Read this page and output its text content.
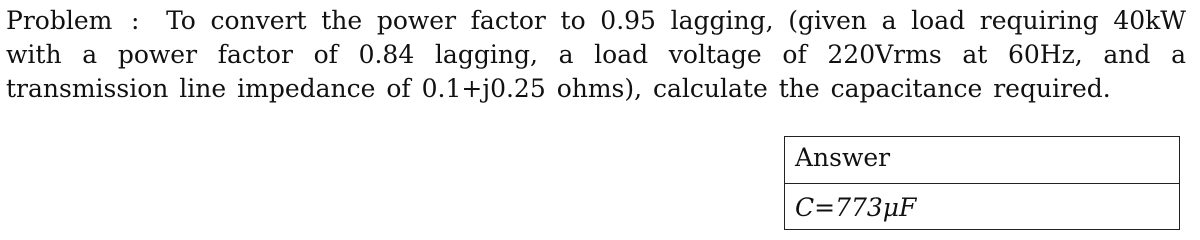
Problem : To convert the power factor to 0.95 lagging, (given a load requiring 40kW with a power factor of 0.84 lagging, a load voltage of 220Vrms at 60Hz, and a transmission line impedance of 0.1+j0.25 ohms), calculate the capacitance required.
Answer
C=773μF
